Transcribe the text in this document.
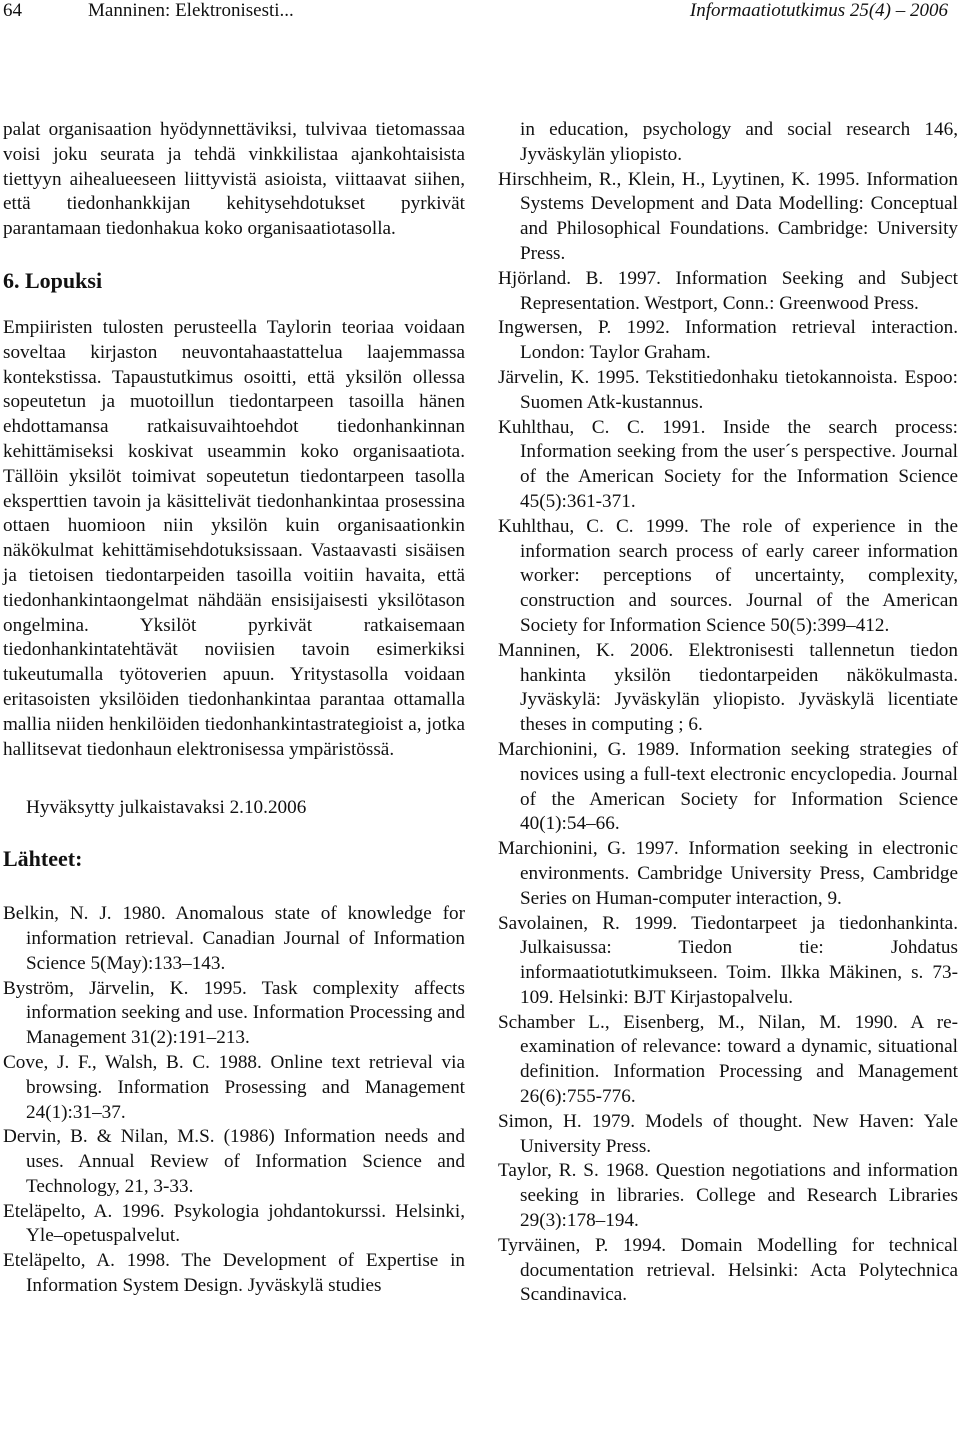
64	Manninen: Elektronisesti...	Informaatiotutkimus 25(4) – 2006

palat organisaation hyödynnettäviksi, tulvivaa tietomassaa voisi joku seurata ja tehdä vinkkilistaa ajankohtaisista tiettyyn aihealueeseen liittyvistä asioista, viittaavat siihen, että tiedonhankkijan kehitysehdotukset pyrkivät parantamaan tiedonhakua koko organisaatiotasolla.

6. Lopuksi

Empiiristen tulosten perusteella Taylorin teoriaa voidaan soveltaa kirjaston neuvontahaastattelua laajemmassa kontekstissa. Tapaustutkimus osoitti, että yksilön ollessa sopeutetun ja muotoillun tiedontarpeen tasoilla hänen ehdottamansa ratkaisuvaihtoehdot tiedonhankinnan kehittämiseksi koskivat useammin koko organisaatiota. Tällöin yksilöt toimivat sopeutetun tiedontarpeen tasolla eksperttien tavoin ja käsittelivät tiedonhankintaa prosessina ottaen huomioon niin yksilön kuin organisaationkin näkökulmat kehittämisehdotuksissaan. Vastaavasti sisäisen ja tietoisen tiedontarpeiden tasoilla voitiin havaita, että tiedonhankintaongelmat nähdään ensisijaisesti yksilötason ongelmina. Yksilöt pyrkivät ratkaisemaan tiedonhankintatehtävät noviisien tavoin esimerkiksi tukeutumalla työtoverien apuun. Yritystasolla voidaan eritasoisten yksilöiden tiedonhankintaa parantaa ottamalla mallia niiden henkilöiden tiedonhankintastrategioist a, jotka hallitsevat tiedonhaun elektronisessa ympäristössä.

Hyväksytty julkaistavaksi 2.10.2006

Lähteet:

Belkin, N. J. 1980. Anomalous state of knowledge for information retrieval. Canadian Journal of Information Science 5(May):133–143.

Byström, Järvelin, K. 1995. Task complexity affects information seeking and use. Information Processing and Management 31(2):191–213.

Cove, J. F., Walsh, B. C. 1988. Online text retrieval via browsing. Information Prosessing and Management 24(1):31–37.

Dervin, B. & Nilan, M.S. (1986) Information needs and uses. Annual Review of Information Science and Technology, 21, 3-33.

Eteläpelto, A. 1996. Psykologia johdantokurssi. Helsinki, Yle–opetuspalvelut.

Eteläpelto, A. 1998. The Development of Expertise in Information System Design. Jyväskylä studies

in education, psychology and social research 146, Jyväskylän yliopisto.

Hirschheim, R., Klein, H., Lyytinen, K. 1995. Information Systems Development and Data Modelling: Conceptual and Philosophical Foundations. Cambridge: University Press.

Hjörland. B. 1997. Information Seeking and Subject Representation. Westport, Conn.: Greenwood Press.

Ingwersen, P. 1992. Information retrieval interaction. London: Taylor Graham.

Järvelin, K. 1995. Tekstitiedonhaku tietokannoista. Espoo: Suomen Atk-kustannus.

Kuhlthau, C. C. 1991. Inside the search process: Information seeking from the user´s perspective. Journal of the American Society for the Information Science 45(5):361-371.

Kuhlthau, C. C. 1999. The role of experience in the information search process of early career information worker: perceptions of uncertainty, complexity, construction and sources. Journal of the American Society for Information Science 50(5):399–412.

Manninen, K. 2006. Elektronisesti tallennetun tiedon hankinta yksilön tiedontarpeiden näkökulmasta. Jyväskylä: Jyväskylän yliopisto. Jyväskylä licentiate theses in computing ; 6.

Marchionini, G. 1989. Information seeking strategies of novices using a full-text electronic encyclopedia. Journal of the American Society for Information Science 40(1):54–66.

Marchionini, G. 1997. Information seeking in electronic environments. Cambridge University Press, Cambridge Series on Human-computer interaction, 9.

Savolainen, R. 1999. Tiedontarpeet ja tiedonhankinta. Julkaisussa: Tiedon tie: Johdatus informaatiotutkimukseen. Toim. Ilkka Mäkinen, s. 73-109. Helsinki: BJT Kirjastopalvelu.

Schamber L., Eisenberg, M., Nilan, M. 1990. A re-examination of relevance: toward a dynamic, situational definition. Information Processing and Management 26(6):755-776.

Simon, H. 1979. Models of thought. New Haven: Yale University Press.

Taylor, R. S. 1968. Question negotiations and information seeking in libraries. College and Research Libraries 29(3):178–194.

Tyrväinen, P. 1994. Domain Modelling for technical documentation retrieval. Helsinki: Acta Polytechnica Scandinavica.
